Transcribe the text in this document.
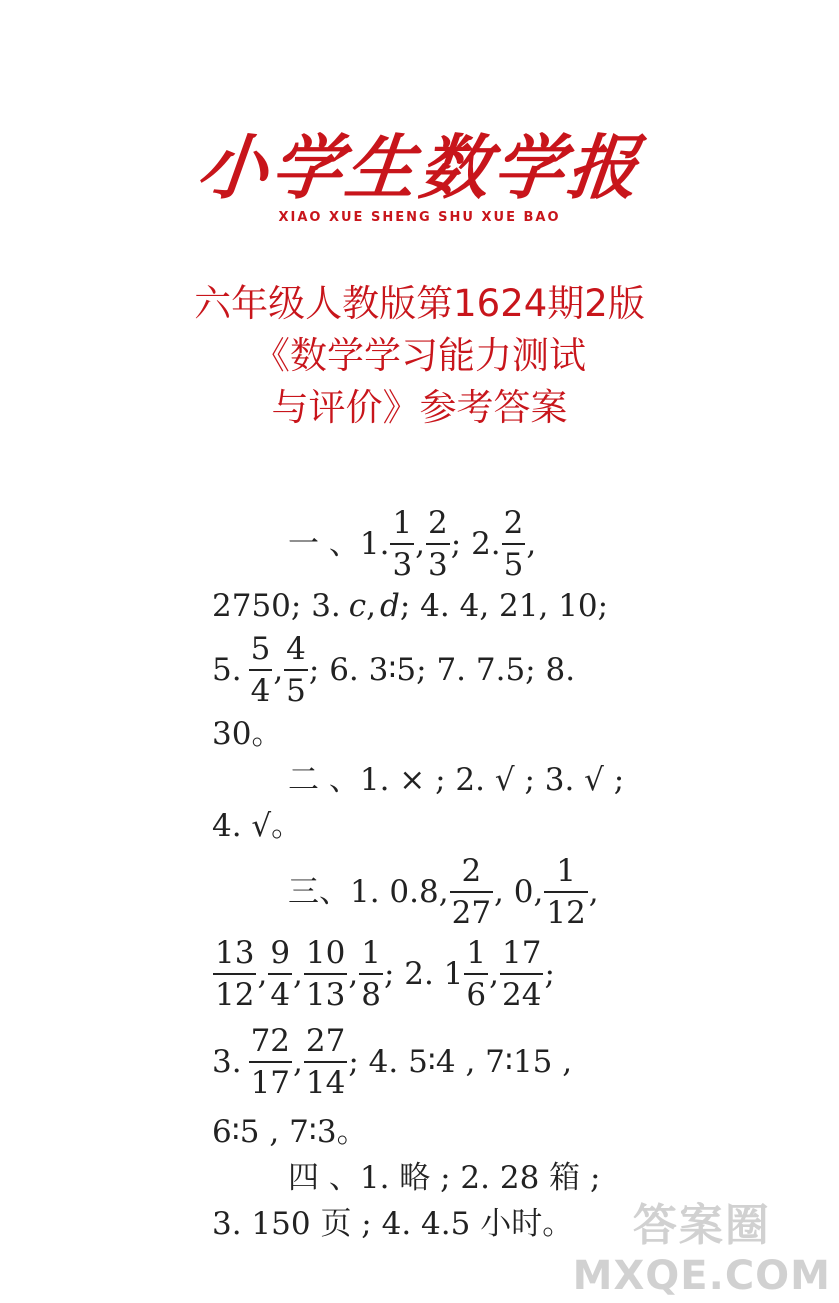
小学生数学报
XIAO XUE SHENG SHU XUE BAO
六年级人教版第1624期2版
《数学学习能力测试
与评价》参考答案
一 、1. $\frac{1}{3}$ , $\frac{2}{3}$ ; 2. $\frac{2}{5}$ ,
2750; 3. c , d ; 4. 4, 21, 10;
5. $\frac{5}{4}$ , $\frac{4}{5}$ ; 6. 3∶5; 7. 7.5; 8.
30。
二 、1. × ; 2. √ ; 3. √ ;
4. √。
三、1. 0.8, $\frac{2}{27}$ , 0, $\frac{1}{12}$ ,
$\frac{13}{12}$ , $\frac{9}{4}$ , $\frac{10}{13}$ , $\frac{1}{8}$ ; 2. $1 \frac{1}{6}$ , $\frac{17}{24}$ ;
3. $\frac{72}{17}$ , $\frac{27}{14}$ ; 4. 5∶4 , 7∶15 ,
6∶5 , 7∶3。
四 、1. 略 ; 2. 28 箱 ;
3. 150 页 ; 4. 4.5 小时。	答案圈
MXQE.COM
